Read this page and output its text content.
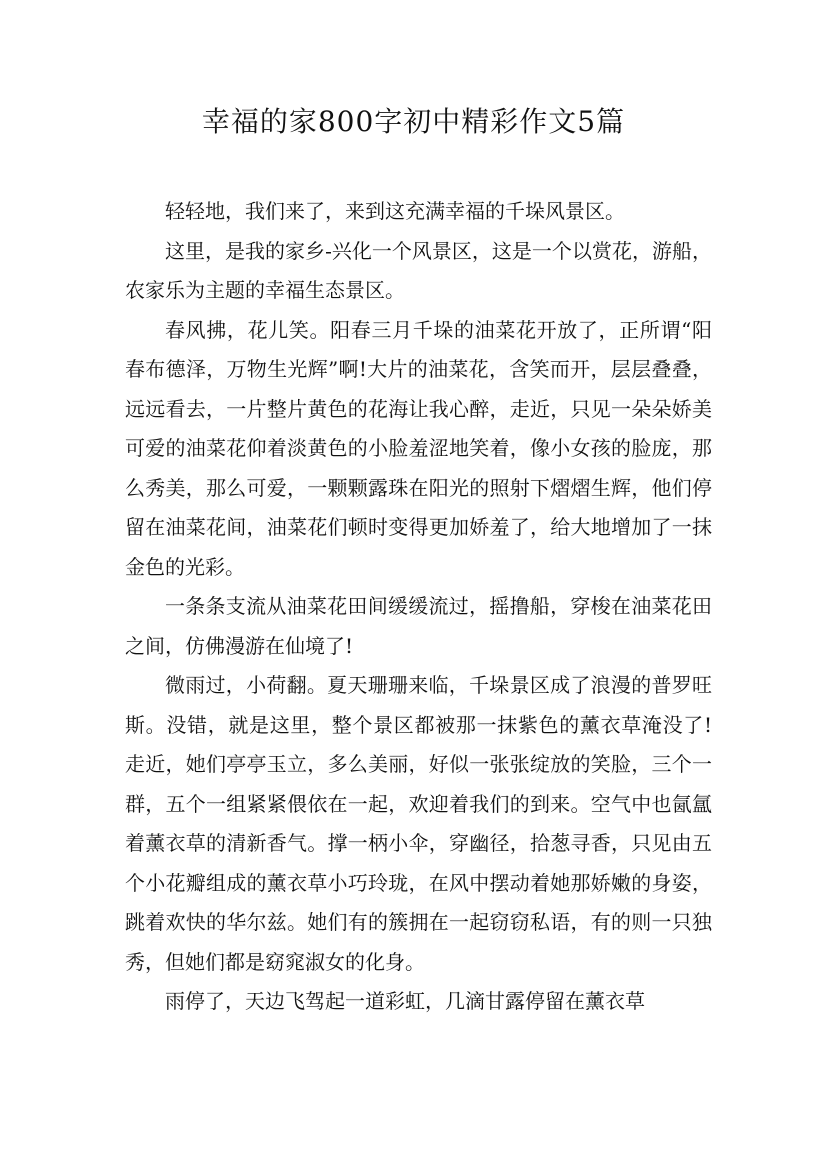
幸福的家800字初中精彩作文5篇

轻轻地，我们来了，来到这充满幸福的千垛风景区。

这里，是我的家乡-兴化一个风景区，这是一个以赏花，游船，农家乐为主题的幸福生态景区。

春风拂，花儿笑。阳春三月千垛的油菜花开放了，正所谓“阳春布德泽，万物生光辉”啊!大片的油菜花，含笑而开，层层叠叠，远远看去，一片整片黄色的花海让我心醉，走近，只见一朵朵娇美可爱的油菜花仰着淡黄色的小脸羞涩地笑着，像小女孩的脸庞，那么秀美，那么可爱，一颗颗露珠在阳光的照射下熠熠生辉，他们停留在油菜花间，油菜花们顿时变得更加娇羞了，给大地增加了一抹金色的光彩。

一条条支流从油菜花田间缓缓流过，摇撸船，穿梭在油菜花田之间，仿佛漫游在仙境了!

微雨过，小荷翻。夏天珊珊来临，千垛景区成了浪漫的普罗旺斯。没错，就是这里，整个景区都被那一抹紫色的薰衣草淹没了!走近，她们亭亭玉立，多么美丽，好似一张张绽放的笑脸，三个一群，五个一组紧紧偎依在一起，欢迎着我们的到来。空气中也氤氲着薰衣草的清新香气。撑一柄小伞，穿幽径，拾葱寻香，只见由五个小花瓣组成的薰衣草小巧玲珑，在风中摆动着她那娇嫩的身姿，跳着欢快的华尔兹。她们有的簇拥在一起窃窃私语，有的则一只独秀，但她们都是窈窕淑女的化身。

雨停了，天边飞驾起一道彩虹，几滴甘露停留在薰衣草
